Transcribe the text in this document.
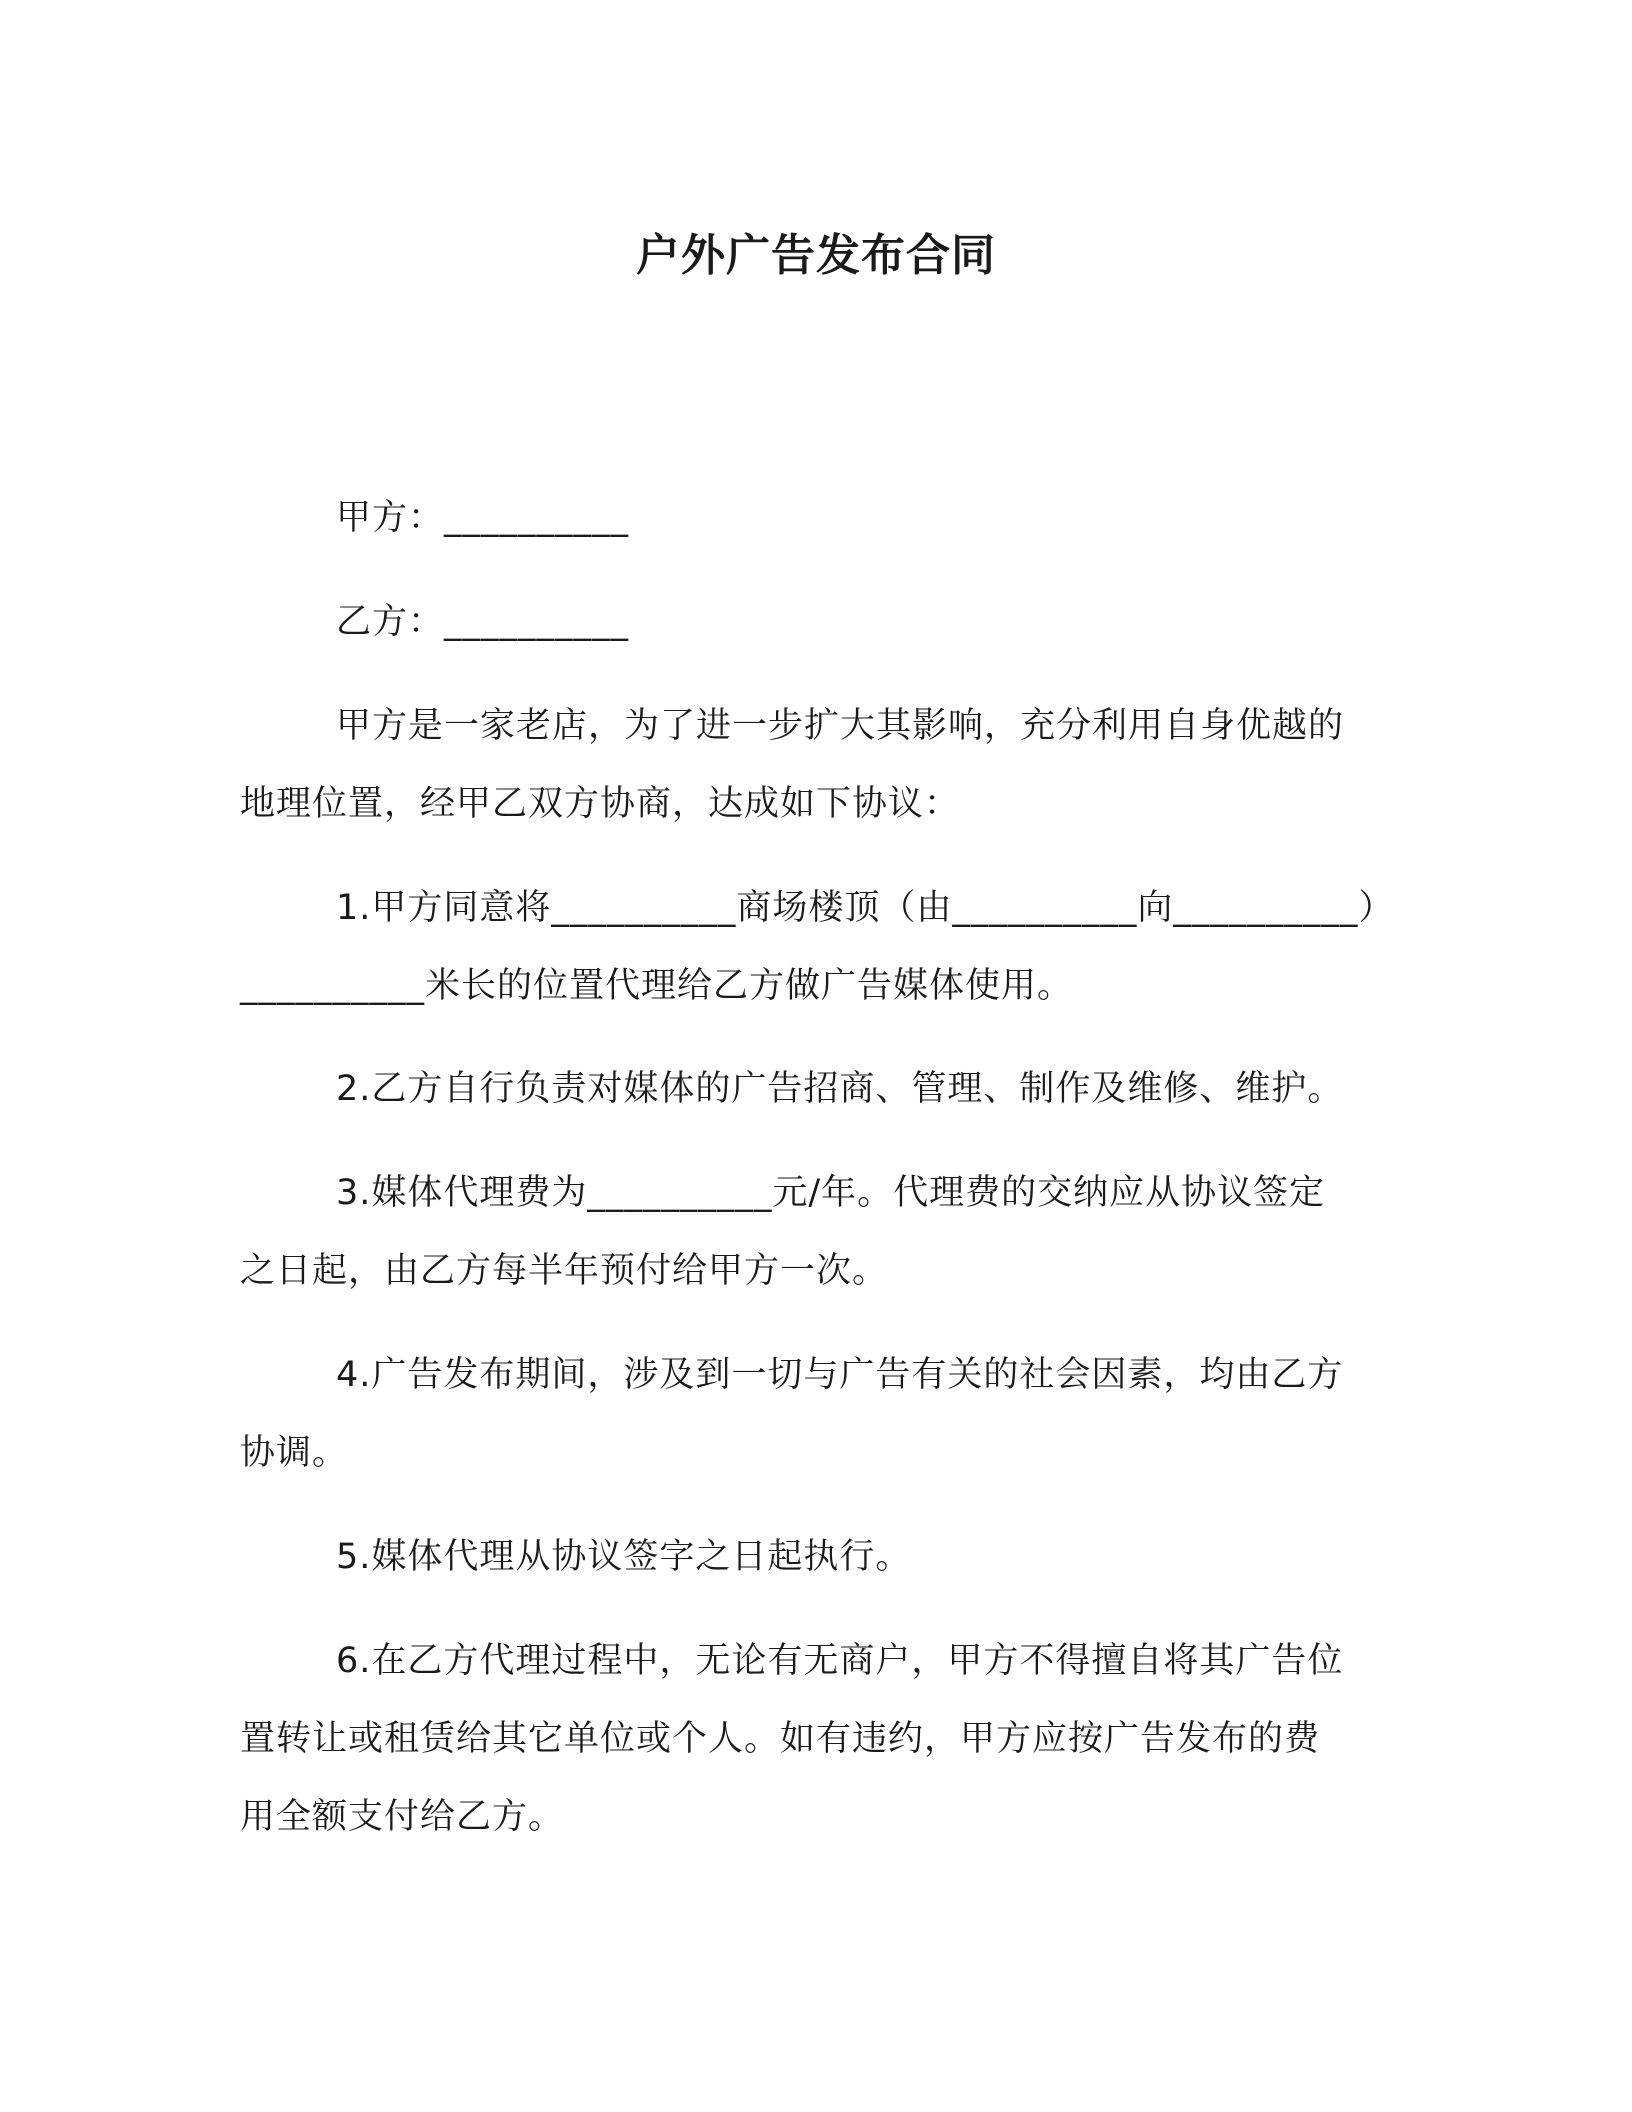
户外广告发布合同
甲方：__________
乙方：__________
甲方是一家老店，为了进一步扩大其影响，充分利用自身优越的
地理位置，经甲乙双方协商，达成如下协议：
1.甲方同意将__________商场楼顶（由__________向__________）
__________米长的位置代理给乙方做广告媒体使用。
2.乙方自行负责对媒体的广告招商、管理、制作及维修、维护。
3.媒体代理费为__________元/年。代理费的交纳应从协议签定
之日起，由乙方每半年预付给甲方一次。
4.广告发布期间，涉及到一切与广告有关的社会因素，均由乙方
协调。
5.媒体代理从协议签字之日起执行。
6.在乙方代理过程中，无论有无商户，甲方不得擅自将其广告位
置转让或租赁给其它单位或个人。如有违约，甲方应按广告发布的费
用全额支付给乙方。
